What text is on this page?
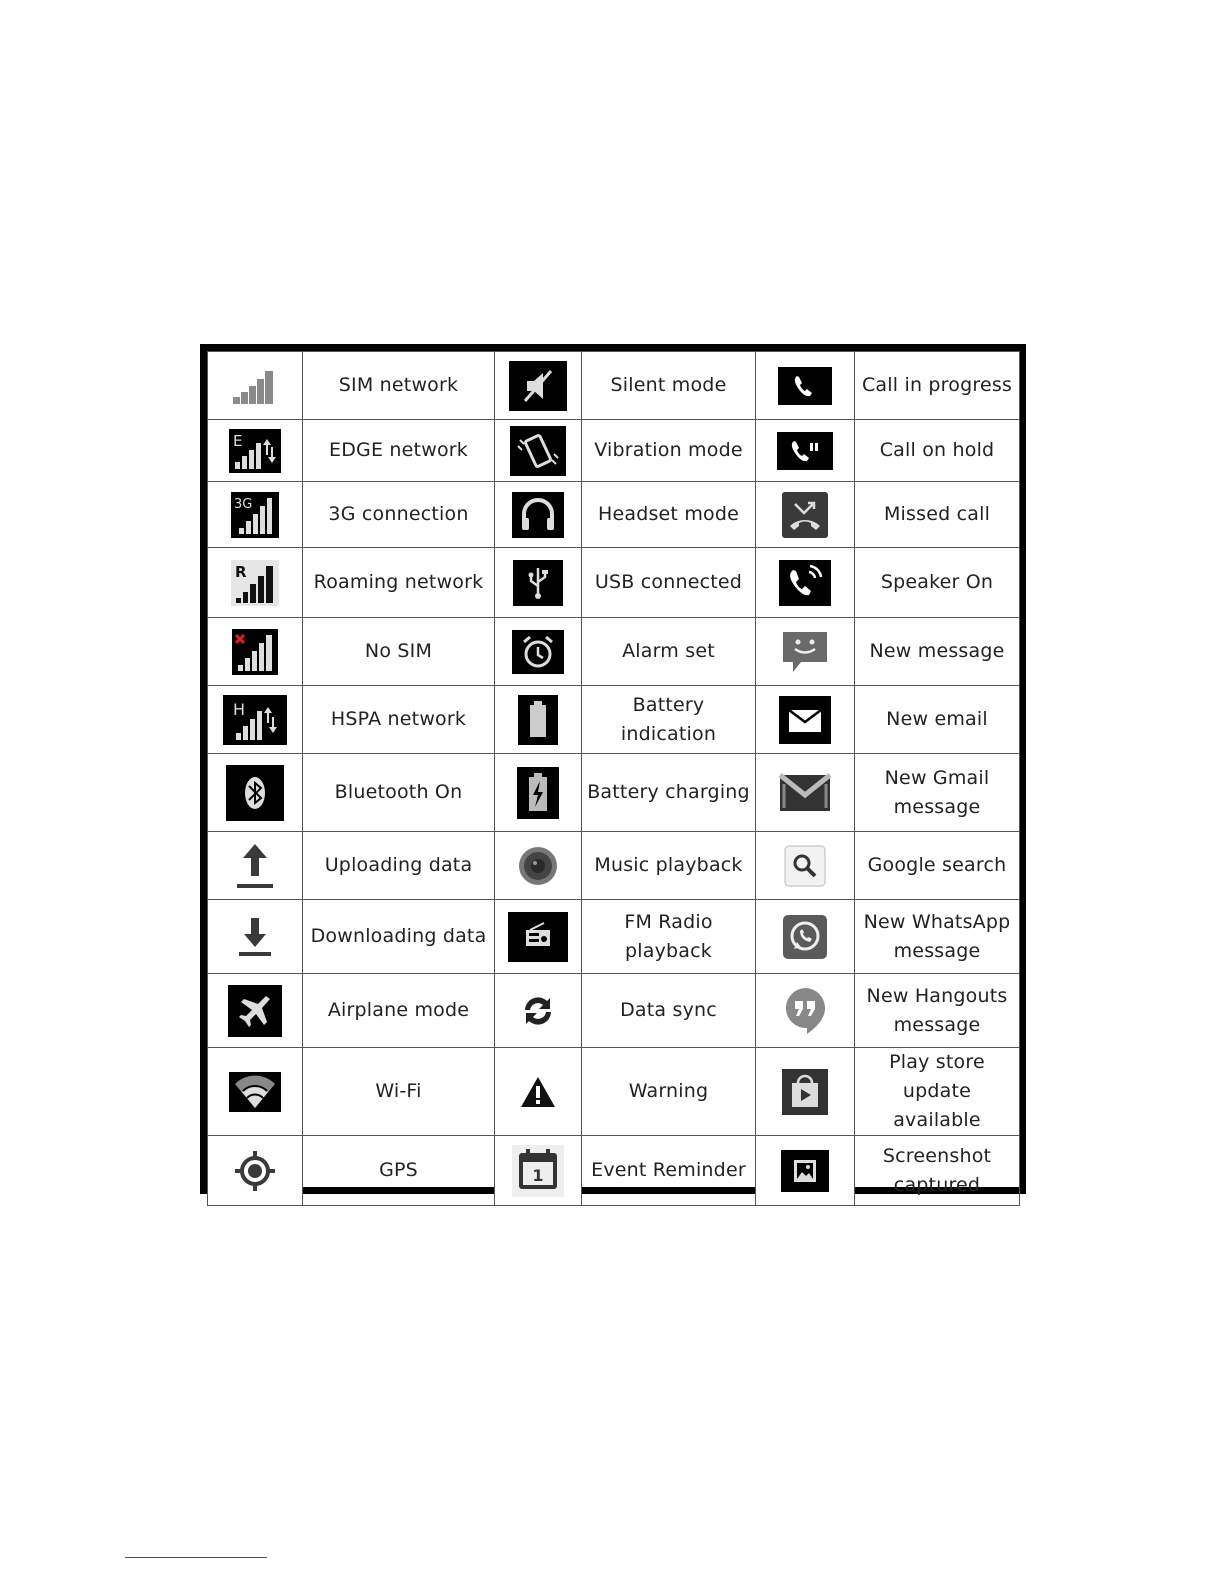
	SIM network		Silent mode		Call in progress

E	EDGE network		Vibration mode		Call on hold

3G	3G connection		Headset mode		Missed call

R	Roaming network		USB connected		Speaker On

	No SIM		Alarm set		New message

H	HSPA network		Battery indication		New email

	Bluetooth On		Battery charging		New Gmail message

	Uploading data		Music playback		Google search

	Downloading data		FM Radio playback		New WhatsApp message

	Airplane mode		Data sync		New Hangouts message

	Wi-Fi		Warning		Play store update available

	GPS	1	Event Reminder		Screenshot captured
